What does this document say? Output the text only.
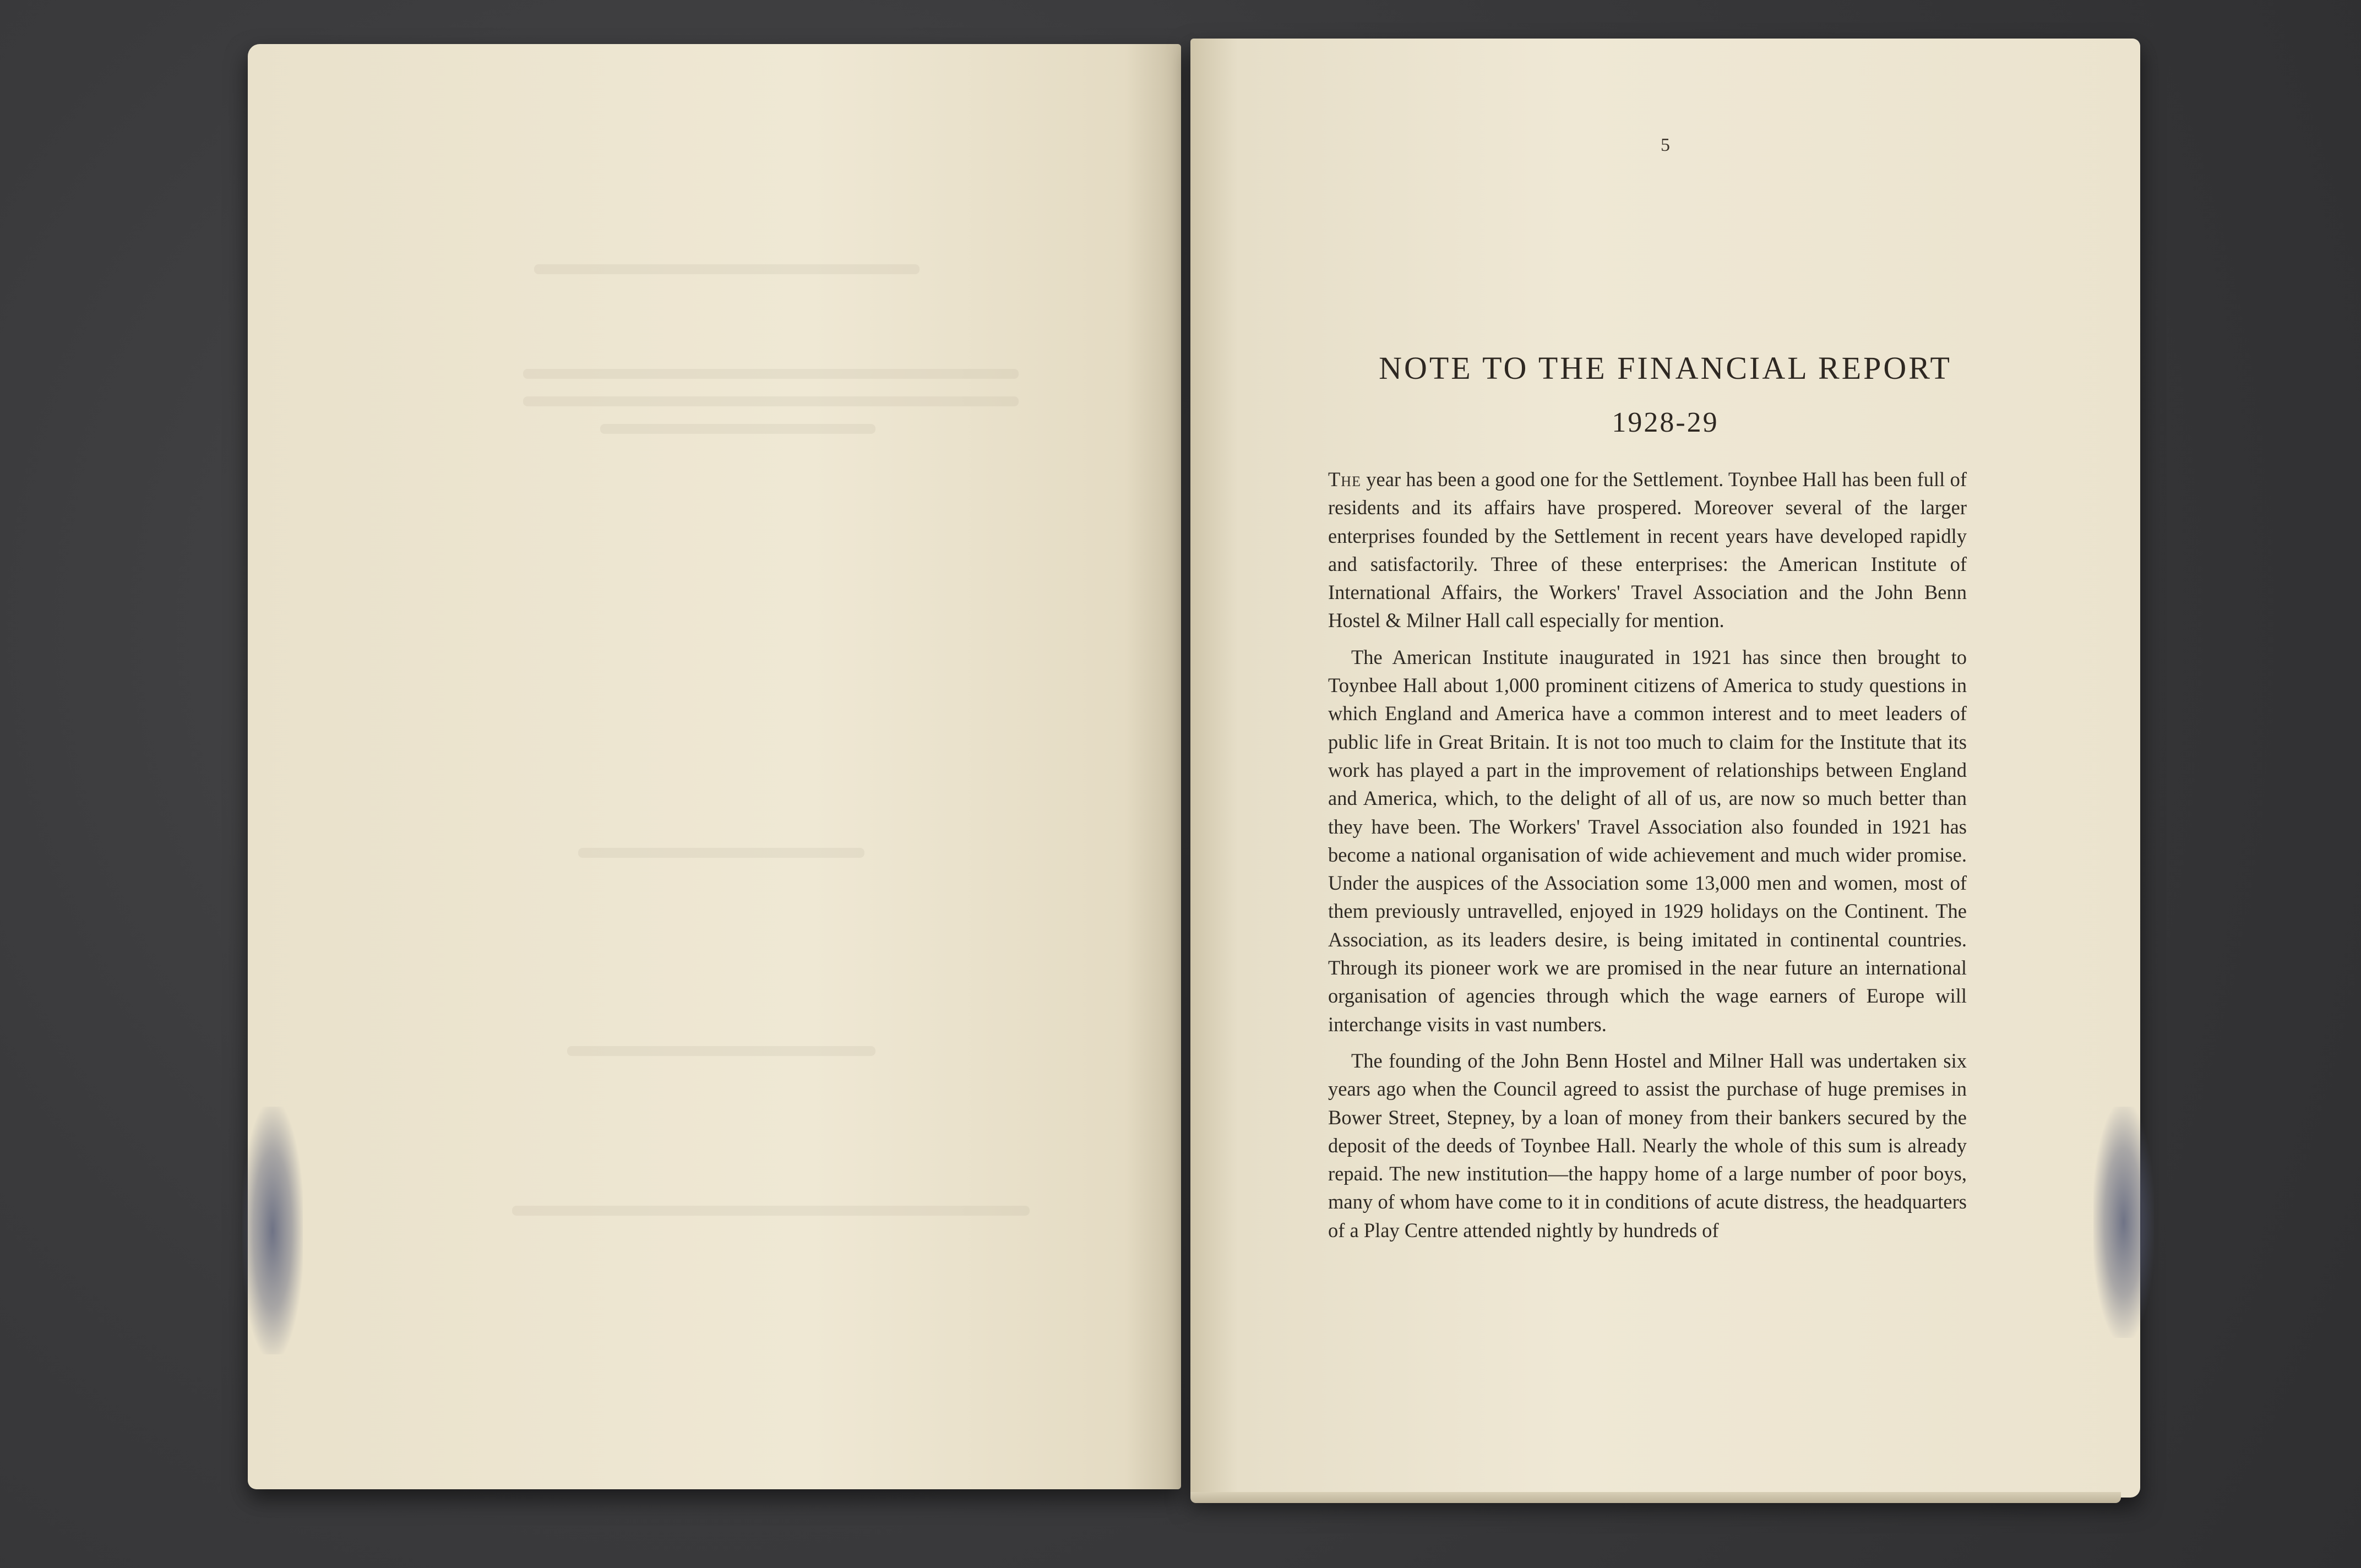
5
NOTE TO THE FINANCIAL REPORT
1928-29

The year has been a good one for the Settlement. Toynbee Hall has been full of residents and its affairs have prospered. Moreover several of the larger enterprises founded by the Settlement in recent years have developed rapidly and satisfactorily. Three of these enterprises: the American Institute of International Affairs, the Workers' Travel Association and the John Benn Hostel & Milner Hall call especially for mention.

The American Institute inaugurated in 1921 has since then brought to Toynbee Hall about 1,000 prominent citizens of America to study questions in which England and America have a common interest and to meet leaders of public life in Great Britain. It is not too much to claim for the Institute that its work has played a part in the improvement of relationships between England and America, which, to the delight of all of us, are now so much better than they have been. The Workers' Travel Association also founded in 1921 has become a national organisation of wide achievement and much wider promise. Under the auspices of the Association some 13,000 men and women, most of them previously untravelled, enjoyed in 1929 holidays on the Continent. The Association, as its leaders desire, is being imitated in continental countries. Through its pioneer work we are promised in the near future an international organisation of agencies through which the wage earners of Europe will interchange visits in vast numbers.

The founding of the John Benn Hostel and Milner Hall was undertaken six years ago when the Council agreed to assist the purchase of huge premises in Bower Street, Stepney, by a loan of money from their bankers secured by the deposit of the deeds of Toynbee Hall. Nearly the whole of this sum is already repaid. The new institution—the happy home of a large number of poor boys, many of whom have come to it in conditions of acute distress, the headquarters of a Play Centre attended nightly by hundreds of
